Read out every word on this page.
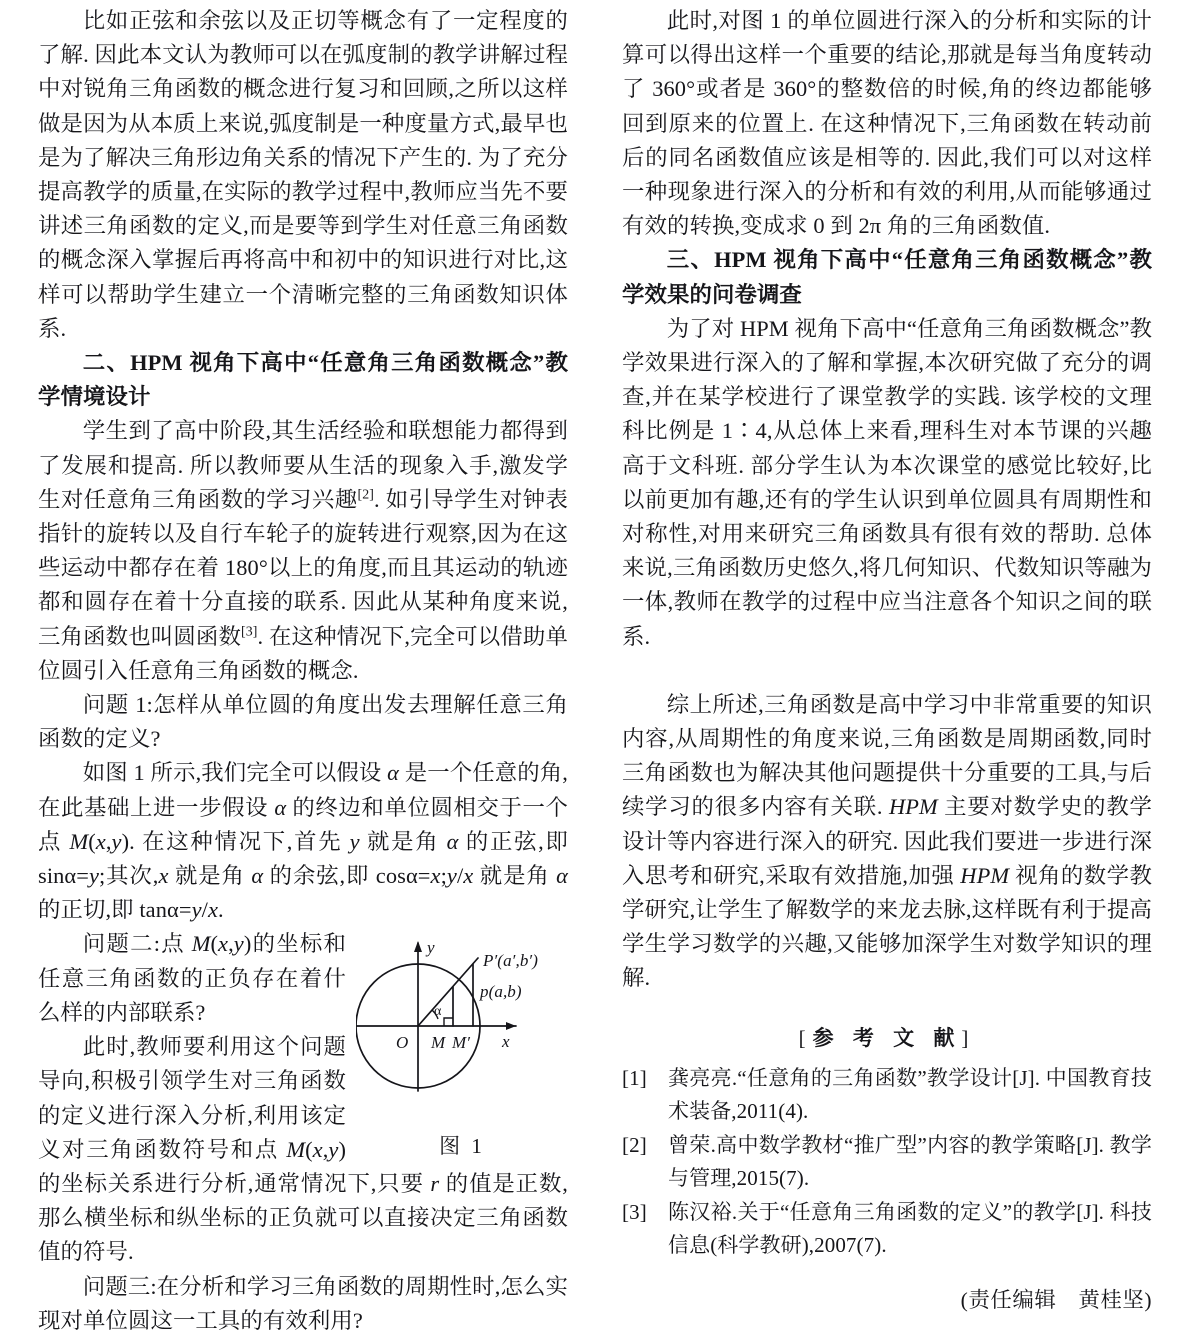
比如正弦和余弦以及正切等概念有了一定程度的了解. 因此本文认为教师可以在弧度制的教学讲解过程中对锐角三角函数的概念进行复习和回顾,之所以这样做是因为从本质上来说,弧度制是一种度量方式,最早也是为了解决三角形边角关系的情况下产生的. 为了充分提高教学的质量,在实际的教学过程中,教师应当先不要讲述三角函数的定义,而是要等到学生对任意三角函数的概念深入掌握后再将高中和初中的知识进行对比,这样可以帮助学生建立一个清晰完整的三角函数知识体系.

二、HPM 视角下高中“任意角三角函数概念”教学情境设计

学生到了高中阶段,其生活经验和联想能力都得到了发展和提高. 所以教师要从生活的现象入手,激发学生对任意角三角函数的学习兴趣[2]. 如引导学生对钟表指针的旋转以及自行车轮子的旋转进行观察,因为在这些运动中都存在着 180°以上的角度,而且其运动的轨迹都和圆存在着十分直接的联系. 因此从某种角度来说,三角函数也叫圆函数[3]. 在这种情况下,完全可以借助单位圆引入任意角三角函数的概念.

问题 1:怎样从单位圆的角度出发去理解任意三角函数的定义?

如图 1 所示,我们完全可以假设 α 是一个任意的角,在此基础上进一步假设 α 的终边和单位圆相交于一个点 M(x,y). 在这种情况下,首先 y 就是角 α 的正弦,即 sinα=y;其次,x 就是角 α 的余弦,即 cosα=x;y/x 就是角 α 的正切,即 tanα=y/x.

y
x
O M M′
α
P′(a′,b′)
p(a,b)
图 1

问题二:点 M(x,y)的坐标和任意三角函数的正负存在着什么样的内部联系?

此时,教师要利用这个问题导向,积极引领学生对三角函数的定义进行深入分析,利用该定义对三角函数符号和点 M(x,y)的坐标关系进行分析,通常情况下,只要 r 的值是正数,那么横坐标和纵坐标的正负就可以直接决定三角函数值的符号.

问题三:在分析和学习三角函数的周期性时,怎么实现对单位圆这一工具的有效利用?

此时,对图 1 的单位圆进行深入的分析和实际的计算可以得出这样一个重要的结论,那就是每当角度转动了 360°或者是 360°的整数倍的时候,角的终边都能够回到原来的位置上. 在这种情况下,三角函数在转动前后的同名函数值应该是相等的. 因此,我们可以对这样一种现象进行深入的分析和有效的利用,从而能够通过有效的转换,变成求 0 到 2π 角的三角函数值.

三、HPM 视角下高中“任意角三角函数概念”教学效果的问卷调查

为了对 HPM 视角下高中“任意角三角函数概念”教学效果进行深入的了解和掌握,本次研究做了充分的调查,并在某学校进行了课堂教学的实践. 该学校的文理科比例是 1∶4,从总体上来看,理科生对本节课的兴趣高于文科班. 部分学生认为本次课堂的感觉比较好,比以前更加有趣,还有的学生认识到单位圆具有周期性和对称性,对用来研究三角函数具有很有效的帮助. 总体来说,三角函数历史悠久,将几何知识、代数知识等融为一体,教师在教学的过程中应当注意各个知识之间的联系.

综上所述,三角函数是高中学习中非常重要的知识内容,从周期性的角度来说,三角函数是周期函数,同时三角函数也为解决其他问题提供十分重要的工具,与后续学习的很多内容有关联. HPM 主要对数学史的教学设计等内容进行深入的研究. 因此我们要进一步进行深入思考和研究,采取有效措施,加强 HPM 视角的数学教学研究,让学生了解数学的来龙去脉,这样既有利于提高学生学习数学的兴趣,又能够加深学生对数学知识的理解.

[参 考 文 献]
[1]	龚亮亮.“任意角的三角函数”教学设计[J]. 中国教育技术装备,2011(4).
[2]	曾荣.高中数学教材“推广型”内容的教学策略[J]. 教学与管理,2015(7).
[3]	陈汉裕.关于“任意角三角函数的定义”的教学[J]. 科技信息(科学教研),2007(7).
(责任编辑 黄桂坚)
